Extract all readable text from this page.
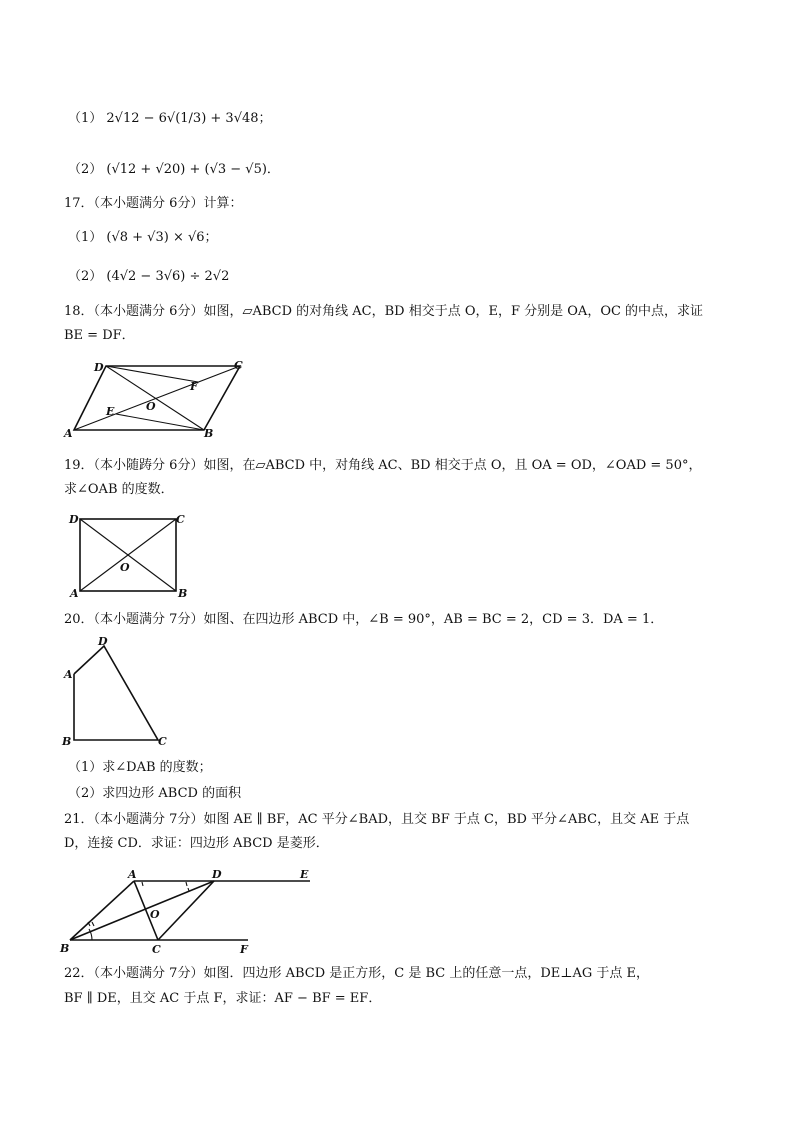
（1） 2√12 − 6√(1/3) + 3√48；
（2） (√12 + √20) + (√3 − √5)．
17．（本小题满分 6分）计算：
（1） (√8 + √3) × √6；
（2） (4√2 − 3√6) ÷ 2√2
18．（本小题满分 6分）如图，▱ABCD 的对角线 AC，BD 相交于点 O，E，F 分别是 OA，OC 的中点，求证
BE = DF．
A	B
C
D
E
F
O
19．（本小随踌分 6分）如图，在▱ABCD 中，对角线 AC、BD 相交于点 O，且 OA = OD，∠OAD = 50°，
求∠OAB 的度数．
A	B
C
D
O
20．（本小题满分 7分）如图、在四边形 ABCD 中，∠B = 90°，AB = BC = 2，CD = 3．DA = 1．
A
B	C
D
（1）求∠DAB 的度数；
（2）求四边形 ABCD 的面积
21．（本小题满分 7分）如图 AE ∥ BF，AC 平分∠BAD，且交 BF 于点 C，BD 平分∠ABC，且交 AE 于点
D，连接 CD．求证：四边形 ABCD 是菱形．
B
A	D	E
C	F
O
22．（本小题满分 7分）如图．四边形 ABCD 是正方形，C 是 BC 上的任意一点，DE⊥AG 于点 E，
BF ∥ DE，且交 AC 于点 F，求证：AF − BF = EF．
